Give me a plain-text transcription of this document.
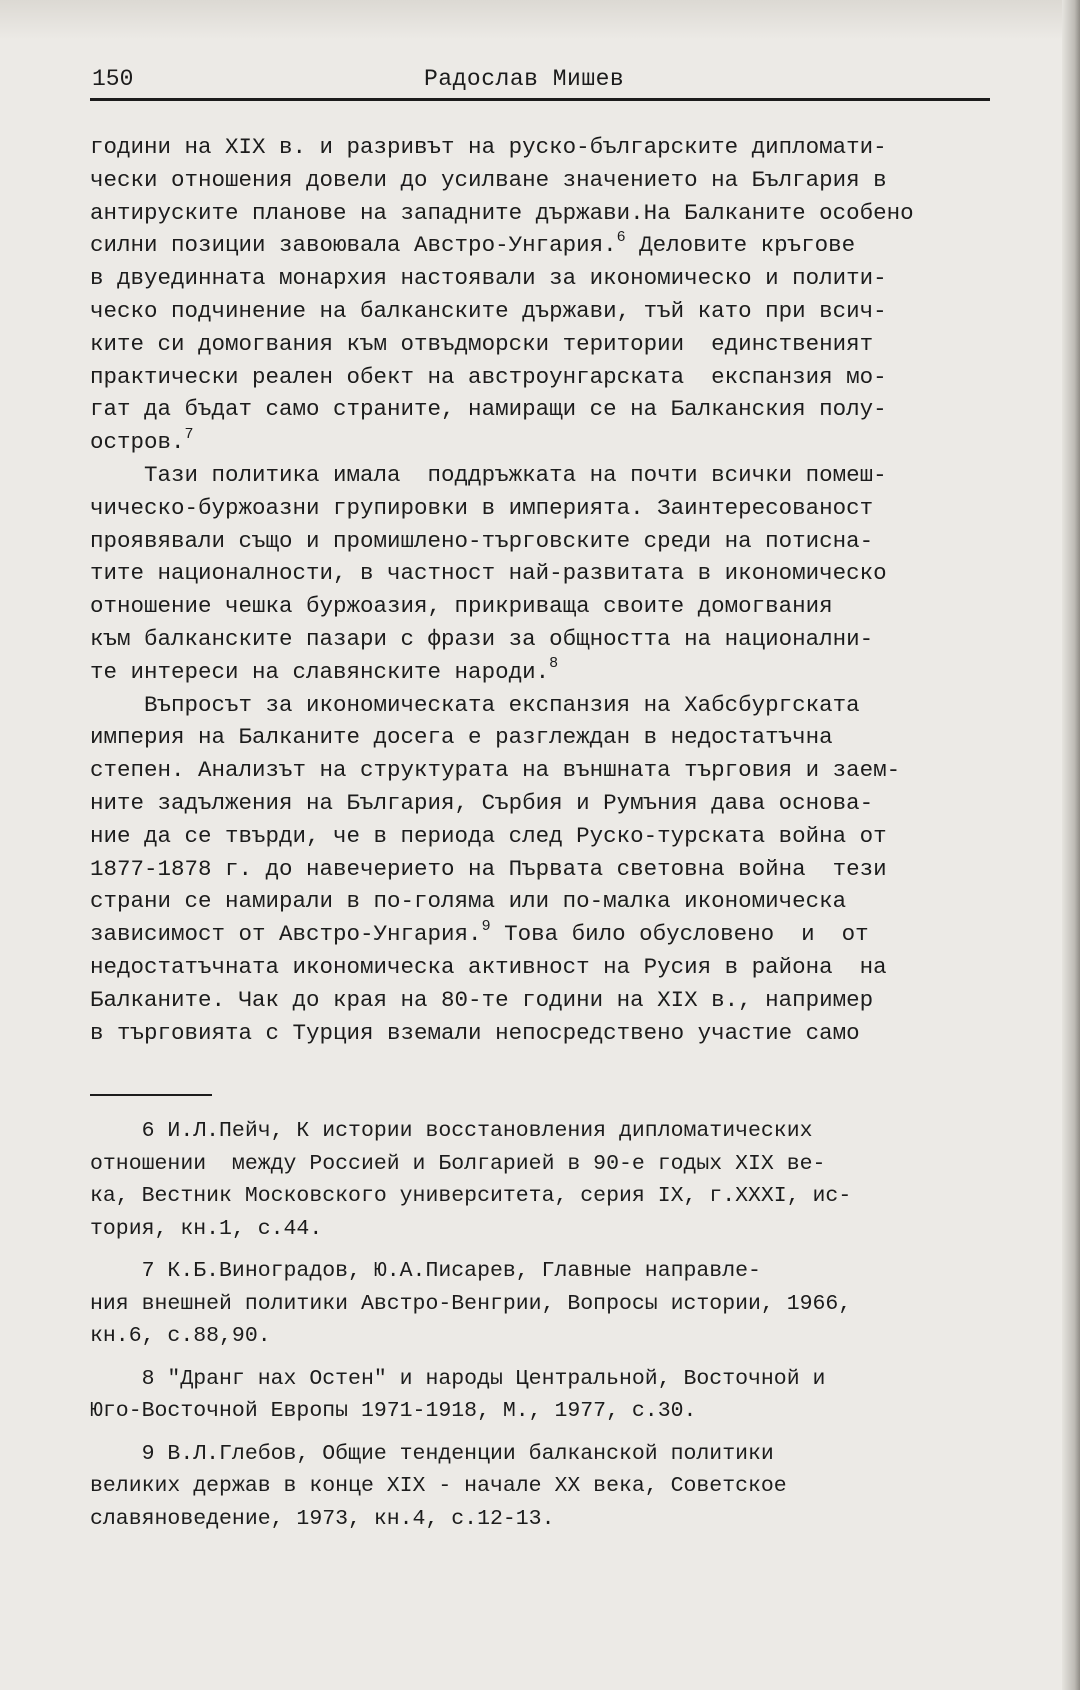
150	Радослав Мишев
години на XIX в. и разривът на руско-българските дипломати-
чески отношения довели до усилване значението на България в
антируските планове на западните държави.На Балканите особено
силни позиции завоювала Австро-Унгария.$^6$ Деловите кръгове
в двуединната монархия настоявали за икономическо и полити-
ческо подчинение на балканските държави, тъй като при всич-
ките си домогвания към отвъдморски територии  единственият
практически реален обект на австроунгарската  експанзия мо-
гат да бъдат само страните, намиращи се на Балканския полу-
остров.$^7$
Тази политика имала  поддръжката на почти всички помеш-
чическо-буржоазни групировки в империята. Заинтересованост
проявявали също и промишлено-търговските среди на потисна-
тите националности, в частност най-развитата в икономическо
отношение чешка буржоазия, прикриваща своите домогвания
към балканските пазари с фрази за общността на национални-
те интереси на славянските народи.$^8$
Въпросът за икономическата експанзия на Хабсбургската
империя на Балканите досега е разглеждан в недостатъчна
степен. Анализът на структурата на външната търговия и заем-
ните задължения на България, Сърбия и Румъния дава основа-
ние да се твърди, че в периода след Руско-турската война от
1877-1878 г. до навечерието на Първата световна война  тези
страни се намирали в по-голяма или по-малка икономическа
зависимост от Австро-Унгария.$^9$ Това било обусловено  и  от
недостатъчната икономическа активност на Русия в района  на
Балканите. Чак до края на 80-те години на XIX в., например
в търговията с Турция вземали непосредствено участие само
6 И.Л.Пейч, К истории восстановления дипломатических
отношении  между Россией и Болгарией в 90-е годых XIX ве-
ка, Вестник Московского университета, серия IX, г.XXXI, ис-
тория, кн.1, с.44.
7 К.Б.Виноградов, Ю.А.Писарев, Главные направле-
ния внешней политики Австро-Венгрии, Вопросы истории, 1966,
кн.6, с.88,90.
8 "Дранг нах Остен" и народы Центральной, Восточной и
Юго-Восточной Европы 1971-1918, М., 1977, с.30.
9 В.Л.Глебов, Общие тенденции балканской политики
великих держав в конце XIX - начале XX века, Советское
славяноведение, 1973, кн.4, с.12-13.
